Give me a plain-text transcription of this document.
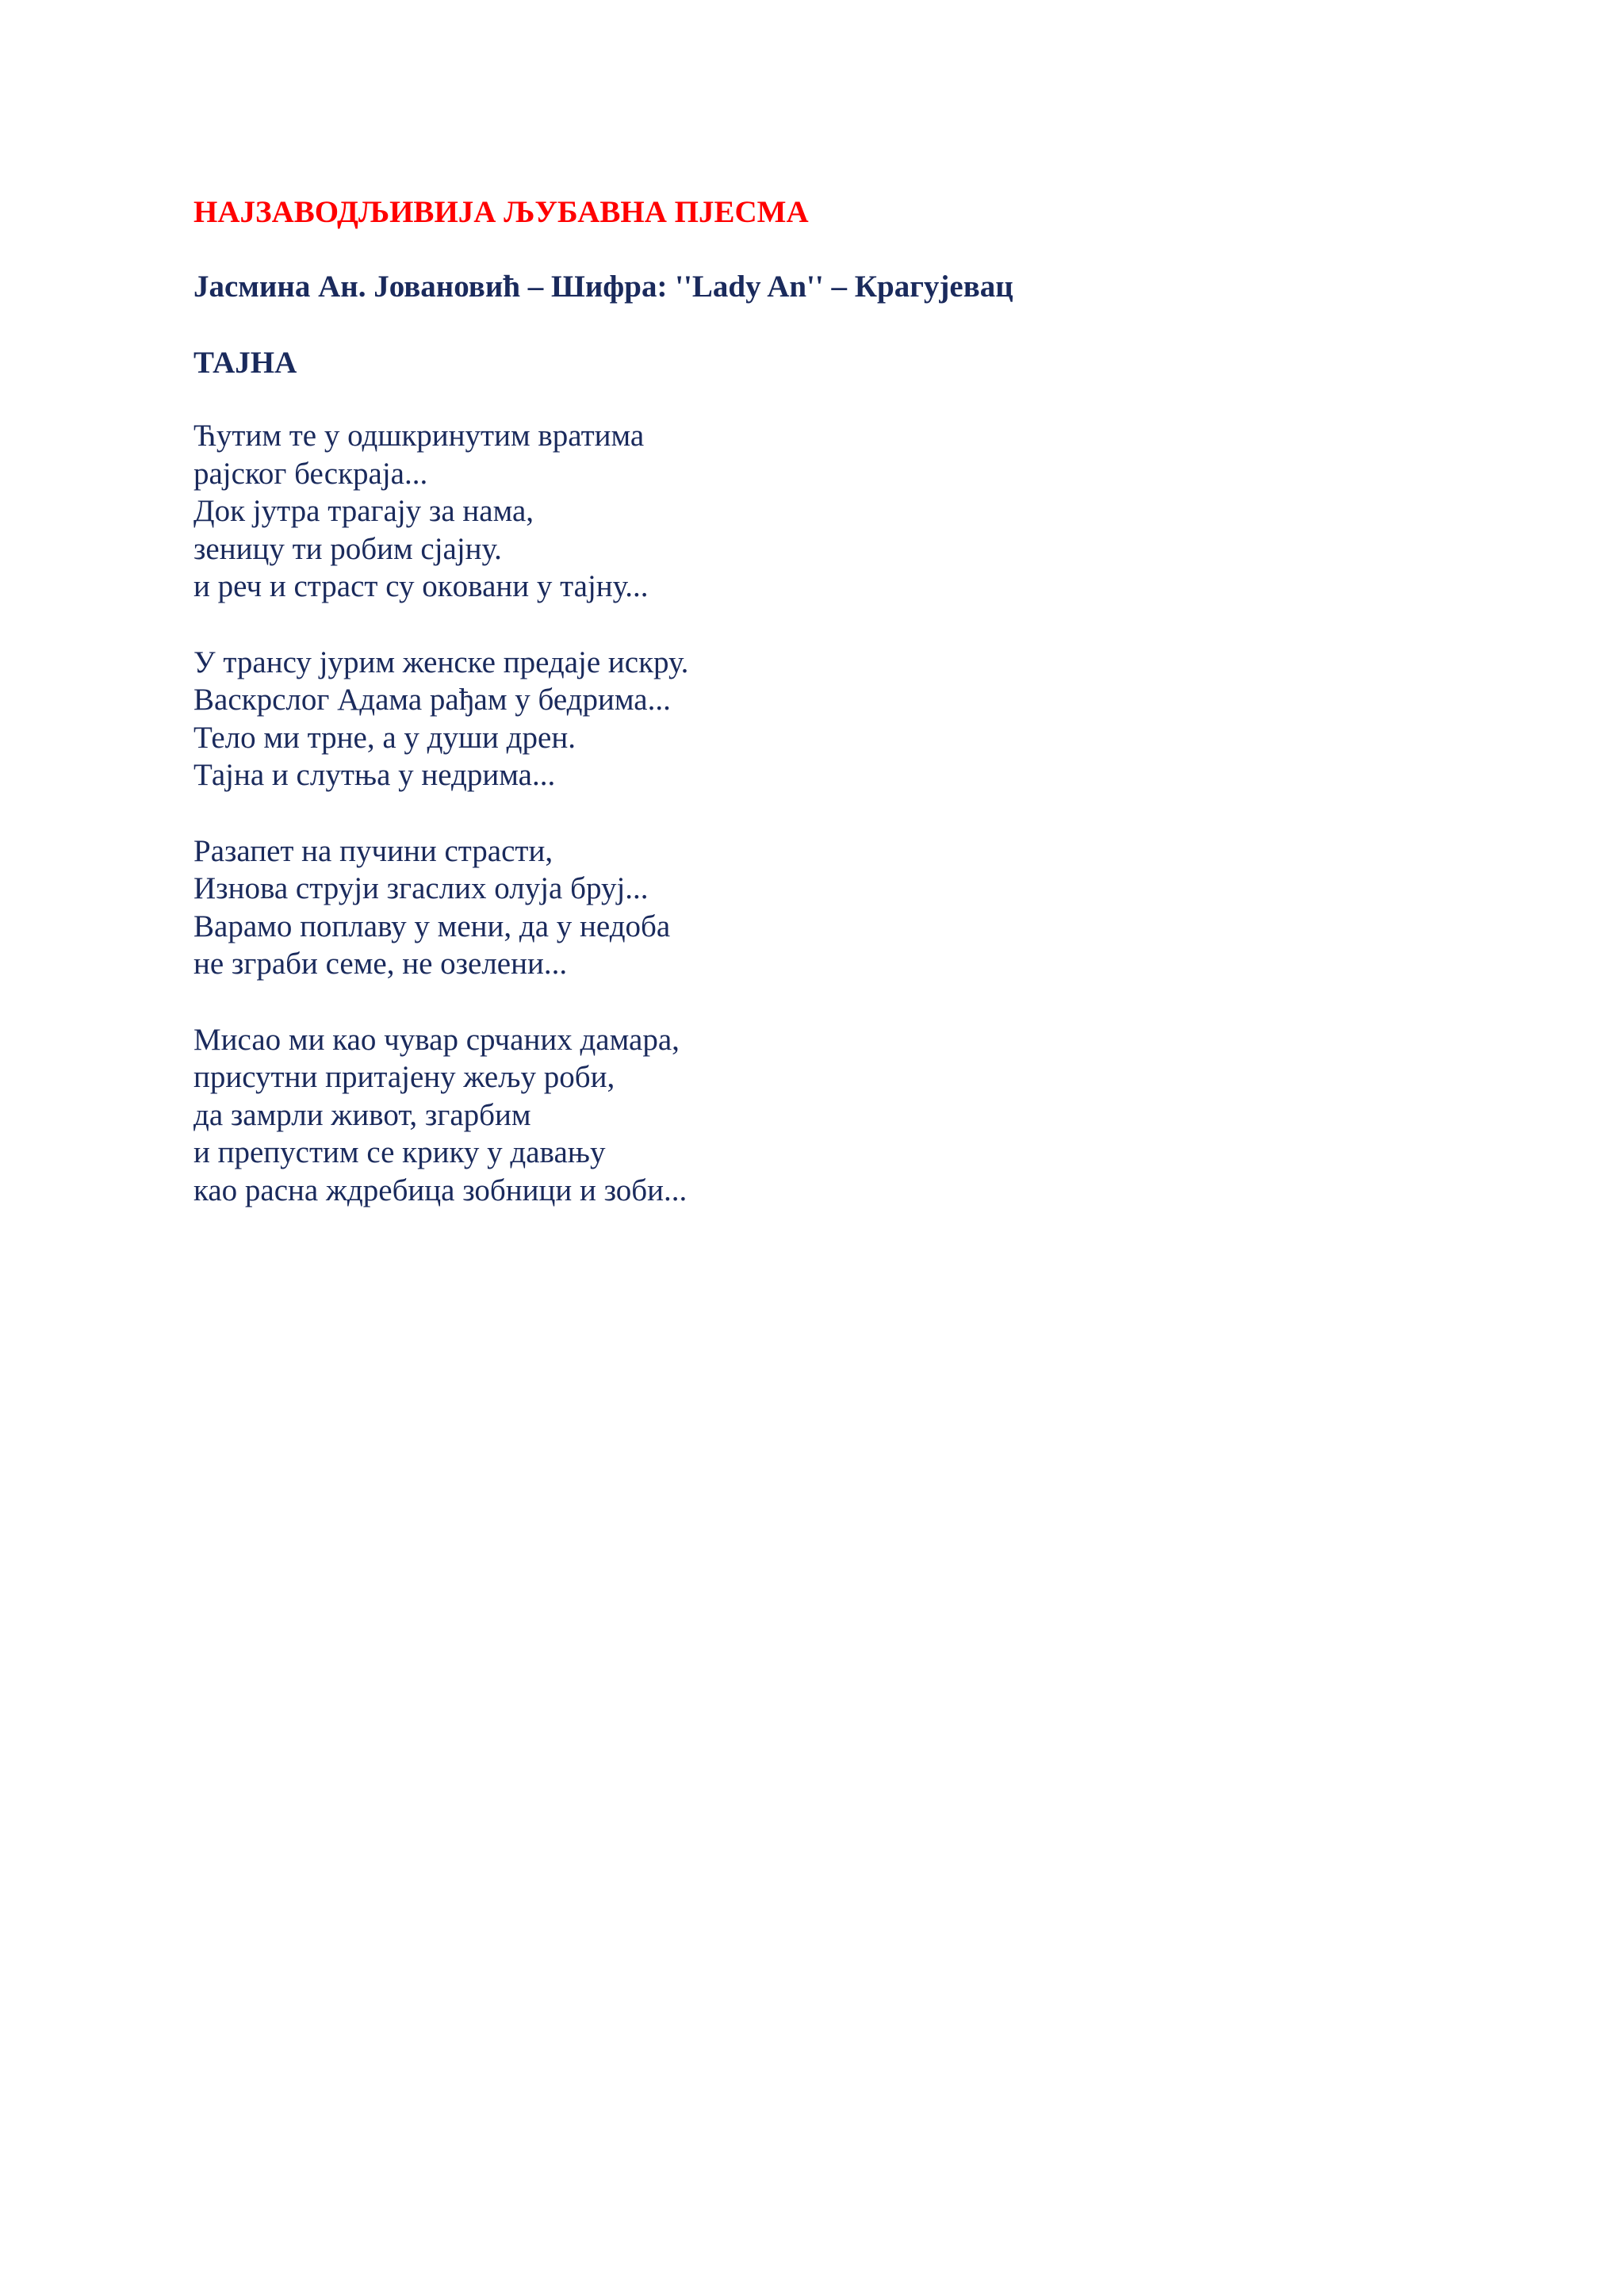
НАЈЗАВОДЉИВИЈА ЉУБАВНА ПЈЕСМА
Јасмина Ан. Јовановић – Шифра: ''Lady An'' – Крагујевац
ТАЈНА
Ћутим те у одшкринутим вратима
рајског бескраја...
Док јутра трагају за нама,
зеницу ти робим сјајну.
и реч и страст су окoвани у тајну...
У трансу јурим женске предаје искру.
Васкрслог Адама рађам у бедрима...
Тело ми трне, а у души дрен.
Тајна и слутња у недрима...
Разапет на пучини страсти,
Изнова струји згаслих олуја бруј...
Варамо поплаву у мени, да у недоба
не зграби семе, не озелени...
Мисао ми као чувар срчаних дамара,
присутни притајену жељу роби,
да замрли живот, згарбим
и препустим се крику у давању
као расна ждребица зобници и зоби...
